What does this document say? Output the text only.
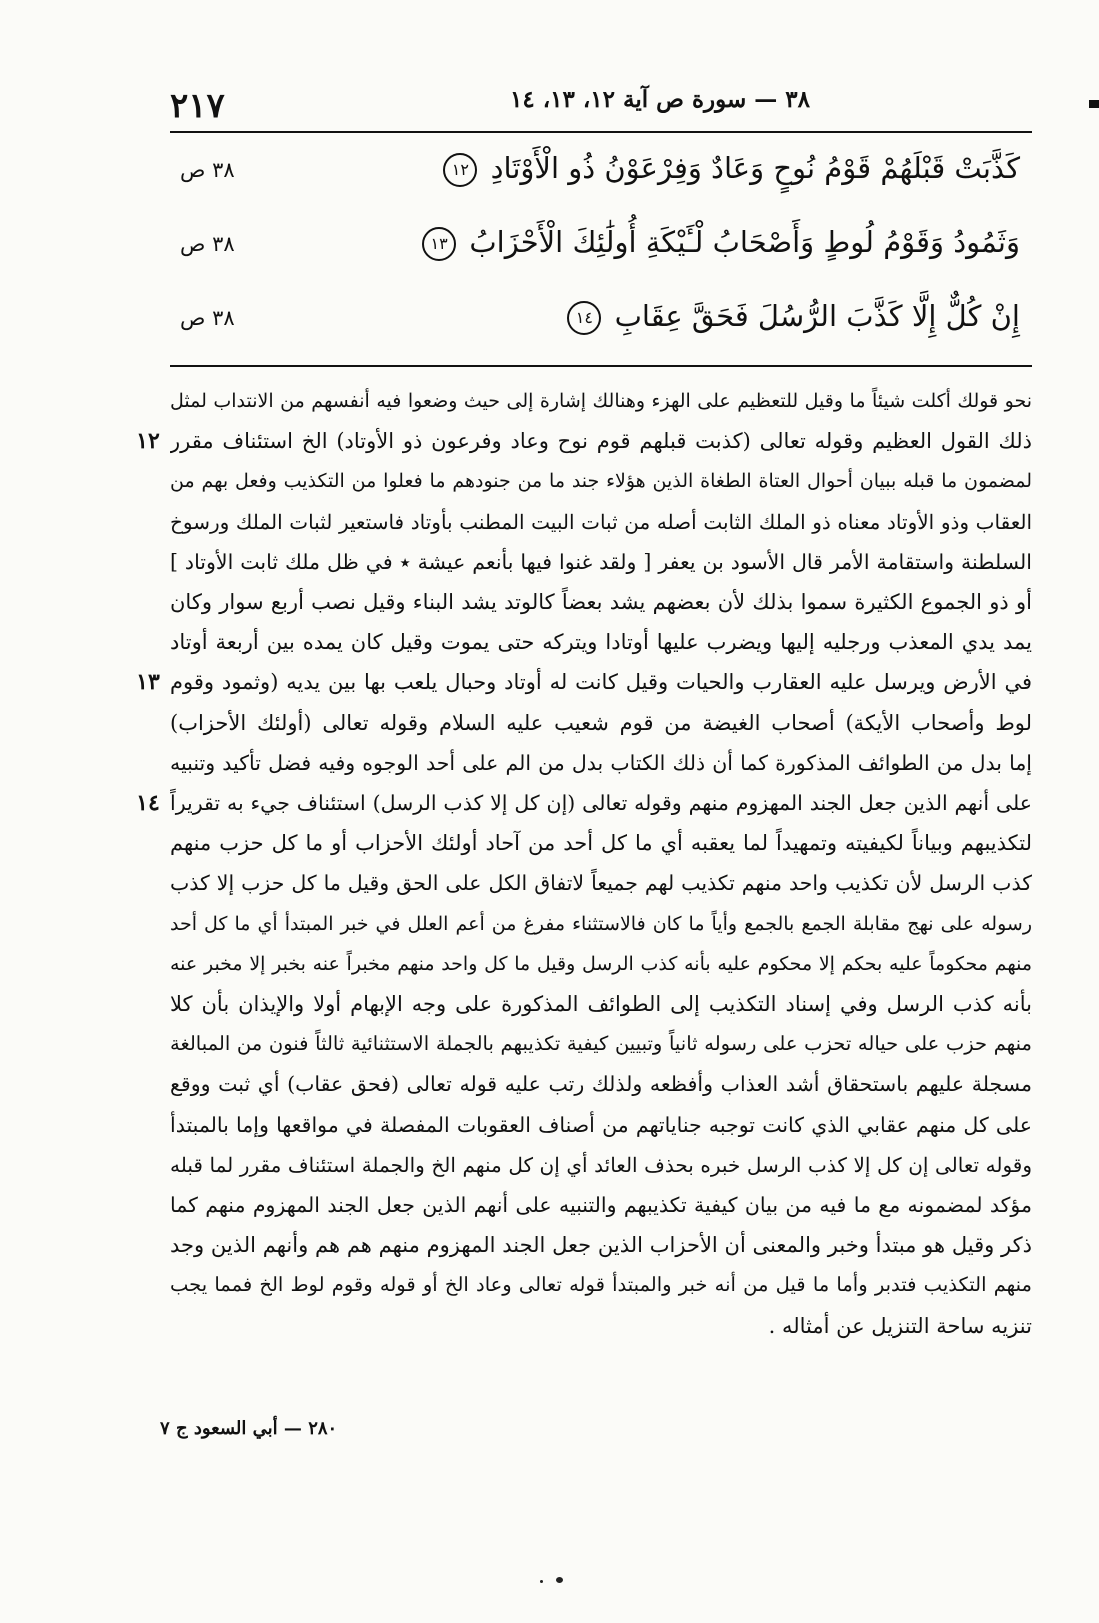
٢١٧	٣٨ — سورة ص آية ١٢، ١٣، ١٤
كَذَّبَتْ قَبْلَهُمْ قَوْمُ نُوحٍ وَعَادٌ وَفِرْعَوْنُ ذُو الْأَوْتَادِ ١٢
٣٨ ص
وَثَمُودُ وَقَوْمُ لُوطٍ وَأَصْحَابُ لْـَٔيْكَةِ أُولَٰئِكَ الْأَحْزَابُ ١٣
٣٨ ص
إِنْ كُلٌّ إِلَّا كَذَّبَ الرُّسُلَ فَحَقَّ عِقَابِ ١٤
٣٨ ص
نحو قولك أكلت شيئاً ما وقيل للتعظيم على الهزء وهنالك إشارة إلى حيث وضعوا فيه أنفسهم من الانتداب لمثل
ذلك القول العظيم وقوله تعالى (كذبت قبلهم قوم نوح وعاد وفرعون ذو الأوتاد) الخ استئناف مقرر
لمضمون ما قبله ببيان أحوال العتاة الطغاة الذين هؤلاء جند ما من جنودهم ما فعلوا من التكذيب وفعل بهم من
العقاب وذو الأوتاد معناه ذو الملك الثابت أصله من ثبات البيت المطنب بأوتاد فاستعير لثبات الملك ورسوخ
السلطنة واستقامة الأمر قال الأسود بن يعفر [ ولقد غنوا فيها بأنعم عيشة ٭ في ظل ملك ثابت الأوتاد ]
أو ذو الجموع الكثيرة سموا بذلك لأن بعضهم يشد بعضاً كالوتد يشد البناء وقيل نصب أربع سوار وكان
يمد يدي المعذب ورجليه إليها ويضرب عليها أوتادا ويتركه حتى يموت وقيل كان يمده بين أربعة أوتاد
في الأرض ويرسل عليه العقارب والحيات وقيل كانت له أوتاد وحبال يلعب بها بين يديه (وثمود وقوم
لوط وأصحاب الأيكة) أصحاب الغيضة من قوم شعيب عليه السلام وقوله تعالى (أولئك الأحزاب)
إما بدل من الطوائف المذكورة كما أن ذلك الكتاب بدل من الم على أحد الوجوه وفيه فضل تأكيد وتنبيه
على أنهم الذين جعل الجند المهزوم منهم وقوله تعالى (إن كل إلا كذب الرسل) استئناف جيء به تقريراً
لتكذيبهم وبياناً لكيفيته وتمهيداً لما يعقبه أي ما كل أحد من آحاد أولئك الأحزاب أو ما كل حزب منهم
كذب الرسل لأن تكذيب واحد منهم تكذيب لهم جميعاً لاتفاق الكل على الحق وقيل ما كل حزب إلا كذب
رسوله على نهج مقابلة الجمع بالجمع وأياً ما كان فالاستثناء مفرغ من أعم العلل في خبر المبتدأ أي ما كل أحد
منهم محكوماً عليه بحكم إلا محكوم عليه بأنه كذب الرسل وقيل ما كل واحد منهم مخبراً عنه بخبر إلا مخبر عنه
بأنه كذب الرسل وفي إسناد التكذيب إلى الطوائف المذكورة على وجه الإبهام أولا والإيذان بأن كلا
منهم حزب على حياله تحزب على رسوله ثانياً وتبيين كيفية تكذيبهم بالجملة الاستثنائية ثالثاً فنون من المبالغة
مسجلة عليهم باستحقاق أشد العذاب وأفظعه ولذلك رتب عليه قوله تعالى (فحق عقاب) أي ثبت ووقع
على كل منهم عقابي الذي كانت توجبه جناياتهم من أصناف العقوبات المفصلة في مواقعها وإما بالمبتدأ
وقوله تعالى إن كل إلا كذب الرسل خبره بحذف العائد أي إن كل منهم الخ والجملة استئناف مقرر لما قبله
مؤكد لمضمونه مع ما فيه من بيان كيفية تكذيبهم والتنبيه على أنهم الذين جعل الجند المهزوم منهم كما
ذكر وقيل هو مبتدأ وخبر والمعنى أن الأحزاب الذين جعل الجند المهزوم منهم هم هم وأنهم الذين وجد
منهم التكذيب فتدبر وأما ما قيل من أنه خبر والمبتدأ قوله تعالى وعاد الخ أو قوله وقوم لوط الخ فمما يجب
تنزيه ساحة التنزيل عن أمثاله .
١٢
١٣
١٤
٢٨٠ — أبي السعود ج ٧
